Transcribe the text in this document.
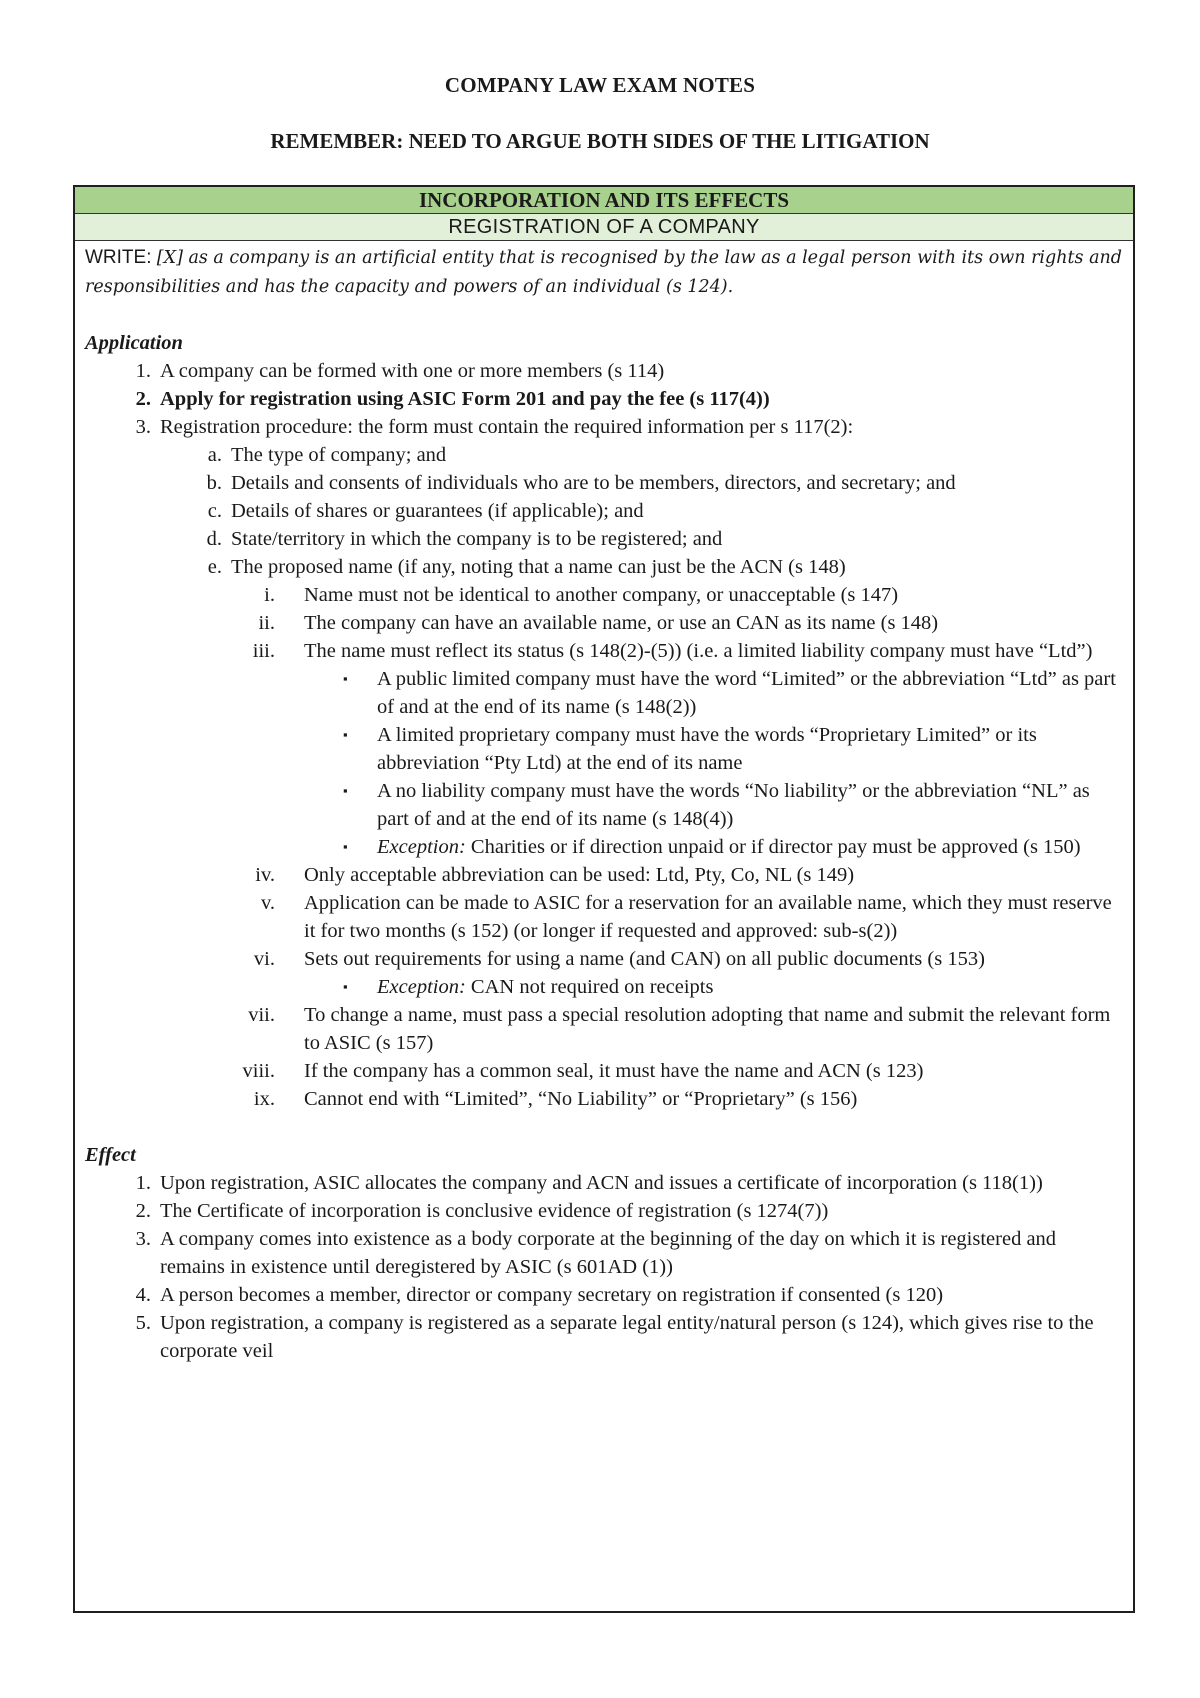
COMPANY LAW EXAM NOTES
REMEMBER: NEED TO ARGUE BOTH SIDES OF THE LITIGATION
INCORPORATION AND ITS EFFECTS
REGISTRATION OF A COMPANY
WRITE: [X] as a company is an artificial entity that is recognised by the law as a legal person with its own rights and responsibilities and has the capacity and powers of an individual (s 124).
Application
1. A company can be formed with one or more members (s 114)
2. Apply for registration using ASIC Form 201 and pay the fee (s 117(4))
3. Registration procedure: the form must contain the required information per s 117(2):
a. The type of company; and
b. Details and consents of individuals who are to be members, directors, and secretary; and
c. Details of shares or guarantees (if applicable); and
d. State/territory in which the company is to be registered; and
e. The proposed name (if any, noting that a name can just be the ACN (s 148)
i. Name must not be identical to another company, or unacceptable (s 147)
ii. The company can have an available name, or use an CAN as its name (s 148)
iii. The name must reflect its status (s 148(2)-(5)) (i.e. a limited liability company must have “Ltd”)
▪	A public limited company must have the word “Limited” or the abbreviation “Ltd” as part of and at the end of its name (s 148(2))
▪	A limited proprietary company must have the words “Proprietary Limited” or its abbreviation “Pty Ltd) at the end of its name
▪	A no liability company must have the words “No liability” or the abbreviation “NL” as part of and at the end of its name (s 148(4))
▪	Exception: Charities or if direction unpaid or if director pay must be approved (s 150)
iv. Only acceptable abbreviation can be used: Ltd, Pty, Co, NL (s 149)
v. Application can be made to ASIC for a reservation for an available name, which they must reserve it for two months (s 152) (or longer if requested and approved: sub-s(2))
vi. Sets out requirements for using a name (and CAN) on all public documents (s 153)
▪	Exception: CAN not required on receipts
vii. To change a name, must pass a special resolution adopting that name and submit the relevant form to ASIC (s 157)
viii. If the company has a common seal, it must have the name and ACN (s 123)
ix. Cannot end with “Limited”, “No Liability” or “Proprietary” (s 156)
Effect
1. Upon registration, ASIC allocates the company and ACN and issues a certificate of incorporation (s 118(1))
2. The Certificate of incorporation is conclusive evidence of registration (s 1274(7))
3. A company comes into existence as a body corporate at the beginning of the day on which it is registered and remains in existence until deregistered by ASIC (s 601AD (1))
4. A person becomes a member, director or company secretary on registration if consented (s 120)
5. Upon registration, a company is registered as a separate legal entity/natural person (s 124), which gives rise to the corporate veil
